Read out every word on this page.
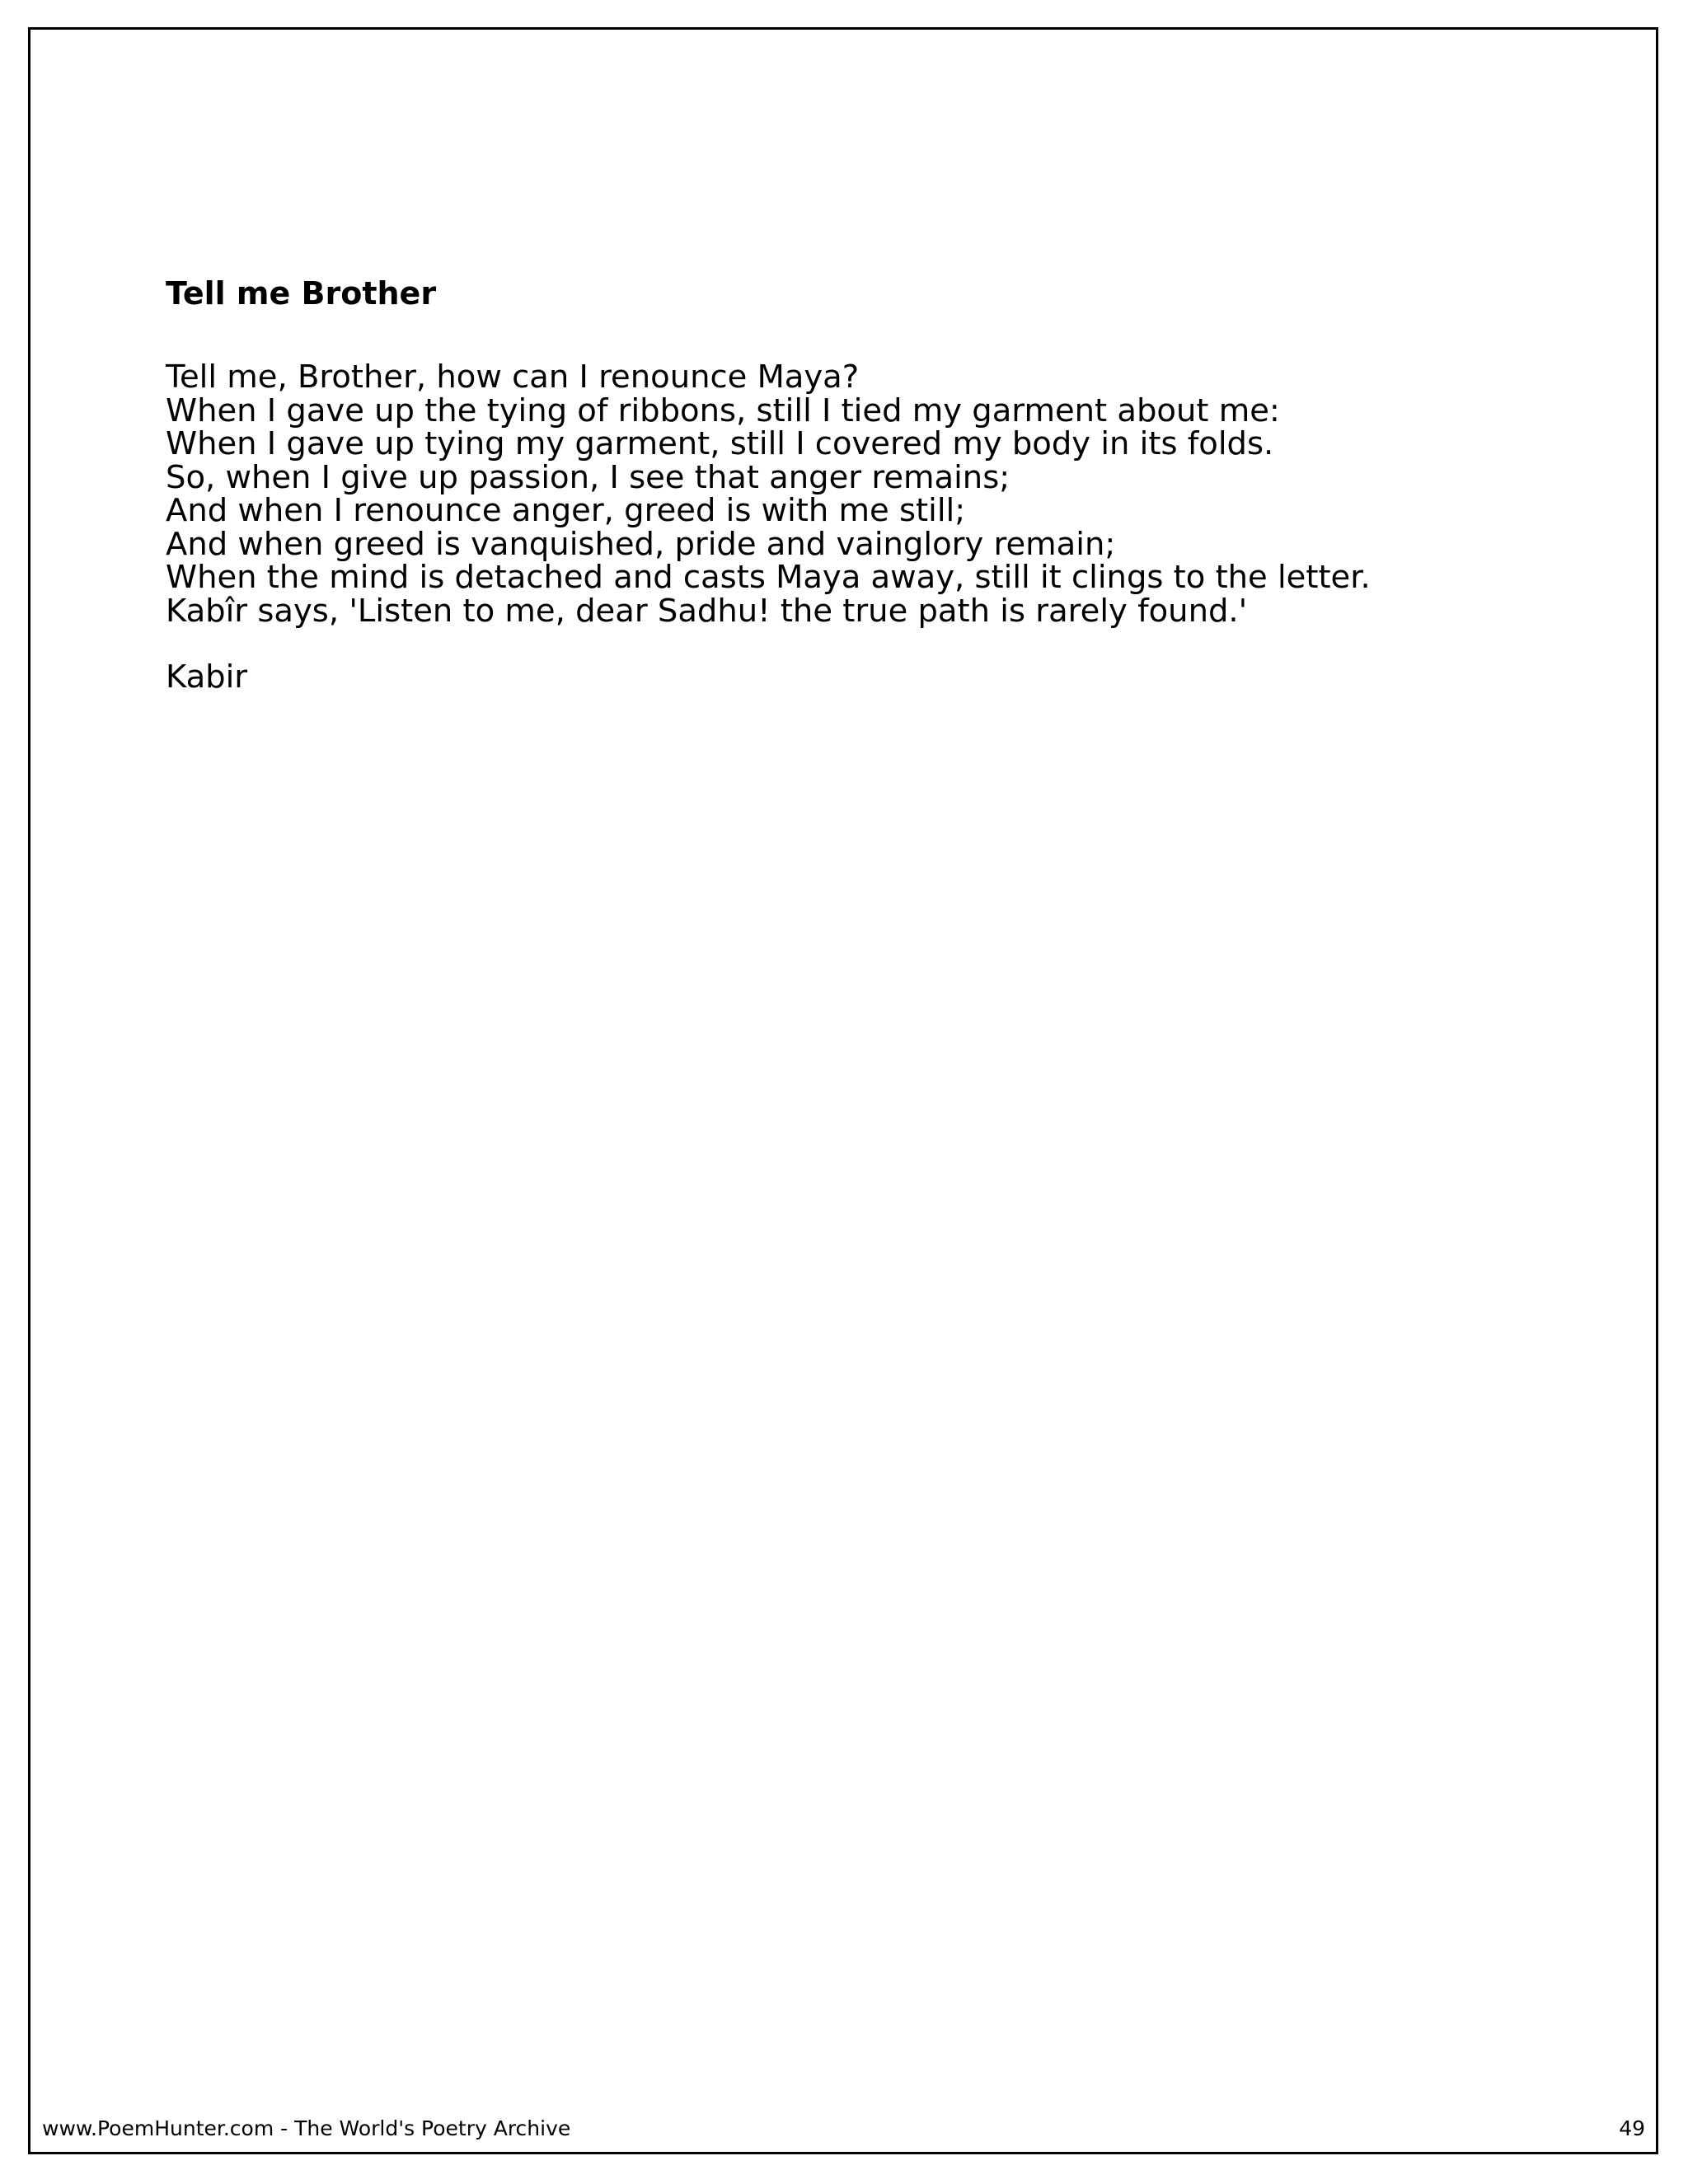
Tell me Brother
Tell me, Brother, how can I renounce Maya?
When I gave up the tying of ribbons, still I tied my garment about me:
When I gave up tying my garment, still I covered my body in its folds.
So, when I give up passion, I see that anger remains;
And when I renounce anger, greed is with me still;
And when greed is vanquished, pride and vainglory remain;
When the mind is detached and casts Maya away, still it clings to the letter.
Kabîr says, 'Listen to me, dear Sadhu! the true path is rarely found.'

Kabir

www.PoemHunter.com - The World's Poetry Archive	49
